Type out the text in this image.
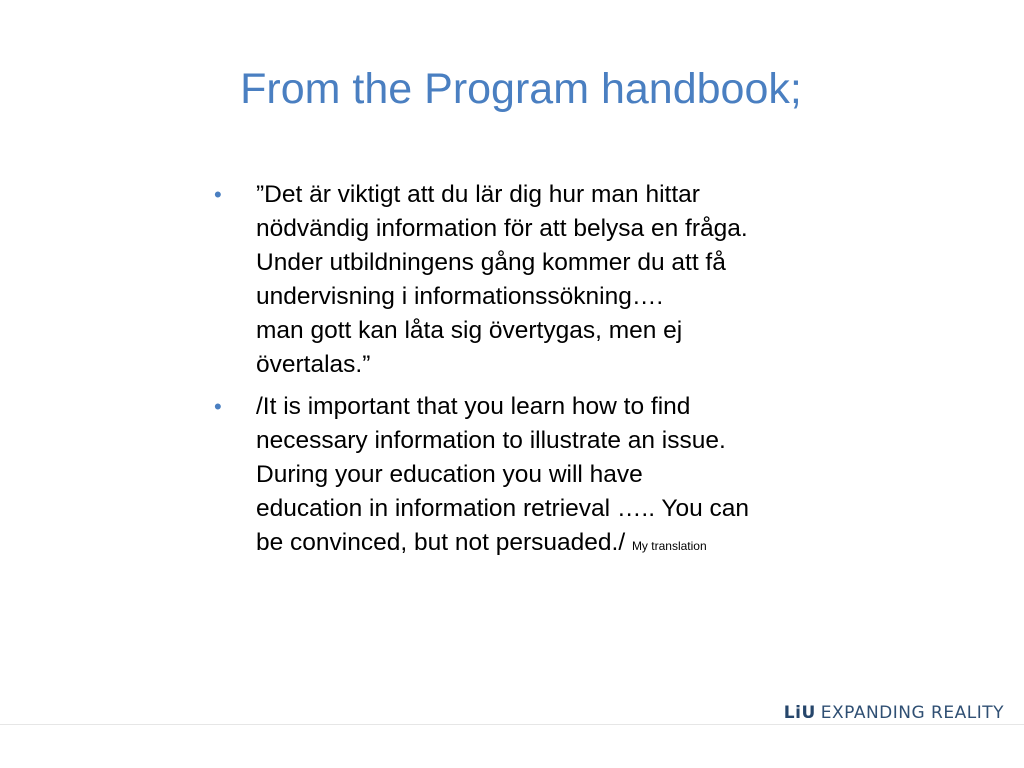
From the Program handbook;
• ”Det är viktigt att du lär dig hur man hittar
nödvändig information för att belysa en fråga.
Under utbildningens gång kommer du att få
undervisning i informationssökning….
man gott kan låta sig övertygas, men ej
övertalas.”
• /It is important that you learn how to find
necessary information to illustrate an issue.
During your education you will have
education in information retrieval ….. You can
be convinced, but not persuaded./ My translation
LiU EXPANDING REALITY
